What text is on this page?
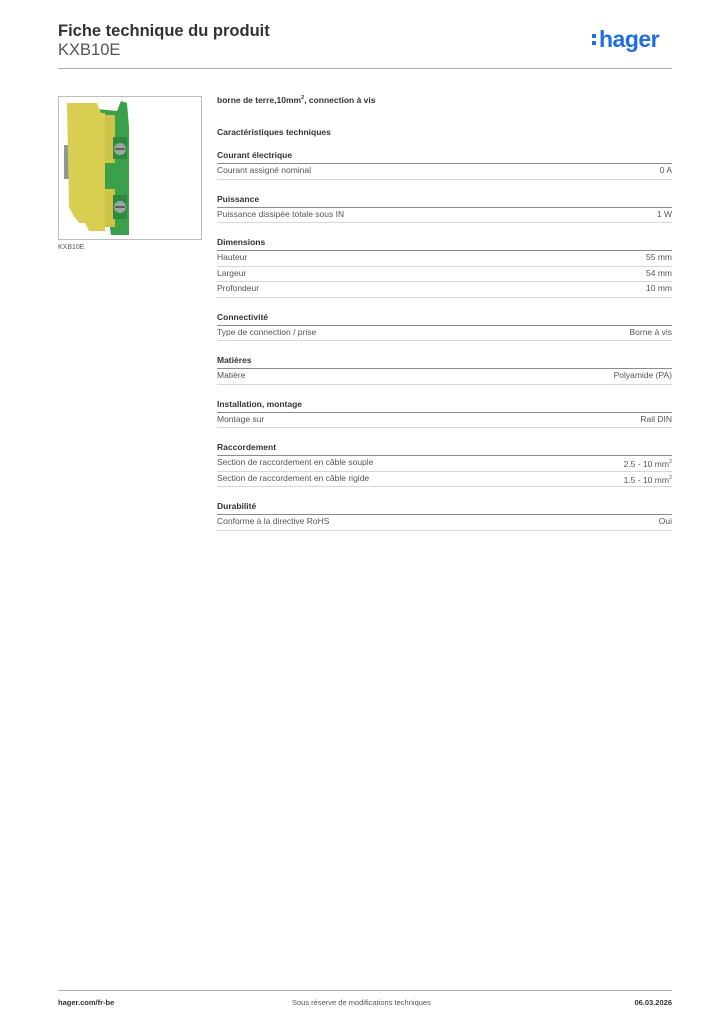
Fiche technique du produit
KXB10E	hager
KXB10E
borne de $terre,10mm^2$, connection à vis
Caractéristiques techniques
Courant électrique
Courant assigné nominal	0 A
Puissance
Puissance dissipée totale sous IN	1 W
Dimensions
Hauteur	55 mm
Largeur	54 mm
Profondeur	10 mm
Connectivité
Type de connection / prise	Borne à vis
Matières
Matière	Polyamide (PA)
Installation, montage
Montage sur	Rail DIN
Raccordement
Section de raccordement en câble souple	2.5 - 10 $mm^2$
Section de raccordement en câble rigide	1.5 - 10 $mm^2$
Durabilité
Conforme à la directive RoHS	Oui
hager.com/fr-be	Sous réserve de modifications techniques	06.03.2026
